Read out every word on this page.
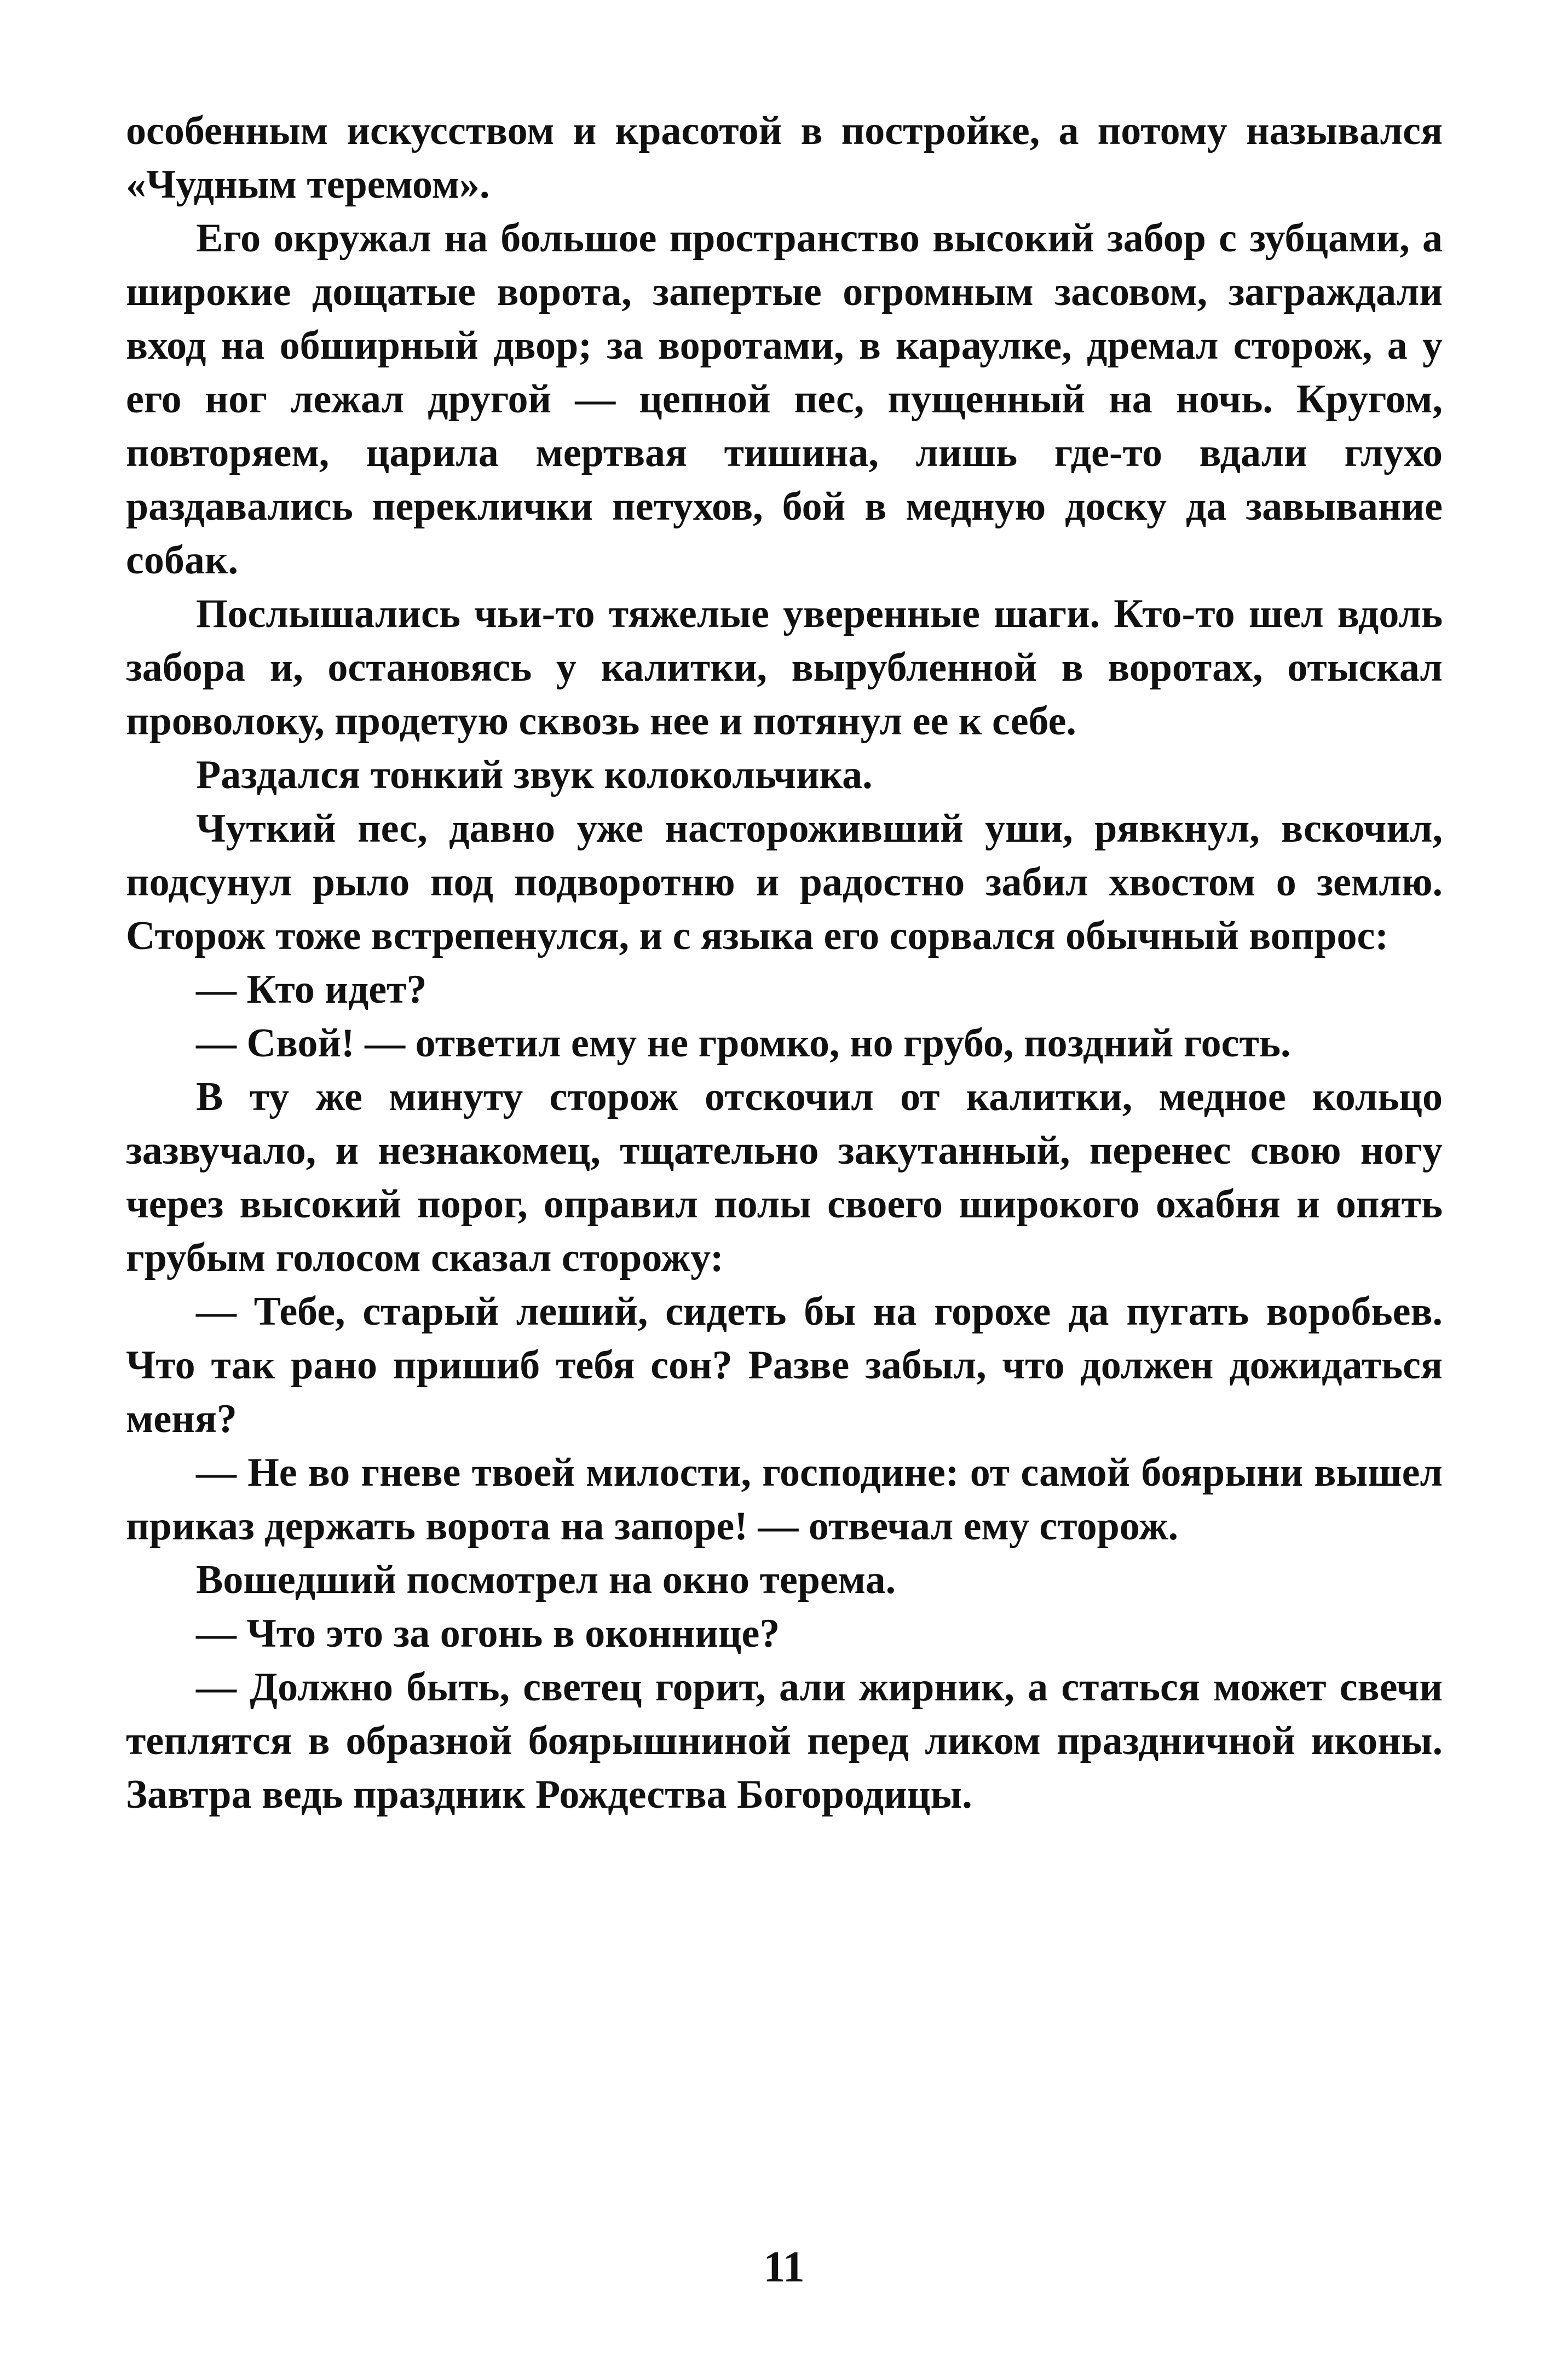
особенным искусством и красотой в постройке, а потому назывался «Чудным теремом».

Его окружал на большое пространство высокий забор с зубцами, а широкие дощатые ворота, запертые огромным засовом, заграждали вход на обширный двор; за воротами, в караулке, дремал сторож, а у его ног лежал другой — цепной пес, пущенный на ночь. Кругом, повторяем, царила мертвая тишина, лишь где-то вдали глухо раздавались переклички петухов, бой в медную доску да завывание собак.

Послышались чьи-то тяжелые уверенные шаги. Кто-то шел вдоль забора и, остановясь у калитки, вырубленной в воротах, отыскал проволоку, продетую сквозь нее и потянул ее к себе.

Раздался тонкий звук колокольчика.

Чуткий пес, давно уже настороживший уши, рявкнул, вскочил, подсунул рыло под подворотню и радостно забил хвостом о землю. Сторож тоже встрепенулся, и с языка его сорвался обычный вопрос:

— Кто идет?

— Свой! — ответил ему не громко, но грубо, поздний гость.

В ту же минуту сторож отскочил от калитки, медное кольцо зазвучало, и незнакомец, тщательно закутанный, перенес свою ногу через высокий порог, оправил полы своего широкого охабня и опять грубым голосом сказал сторожу:

— Тебе, старый леший, сидеть бы на горохе да пугать воробьев. Что так рано пришиб тебя сон? Разве забыл, что должен дожидаться меня?

— Не во гневе твоей милости, господине: от самой боярыни вышел приказ держать ворота на запоре! — отвечал ему сторож.

Вошедший посмотрел на окно терема.

— Что это за огонь в оконнице?

— Должно быть, светец горит, али жирник, а статься может свечи теплятся в образной боярышниной перед ликом праздничной иконы. Завтра ведь праздник Рождества Богородицы.

11
